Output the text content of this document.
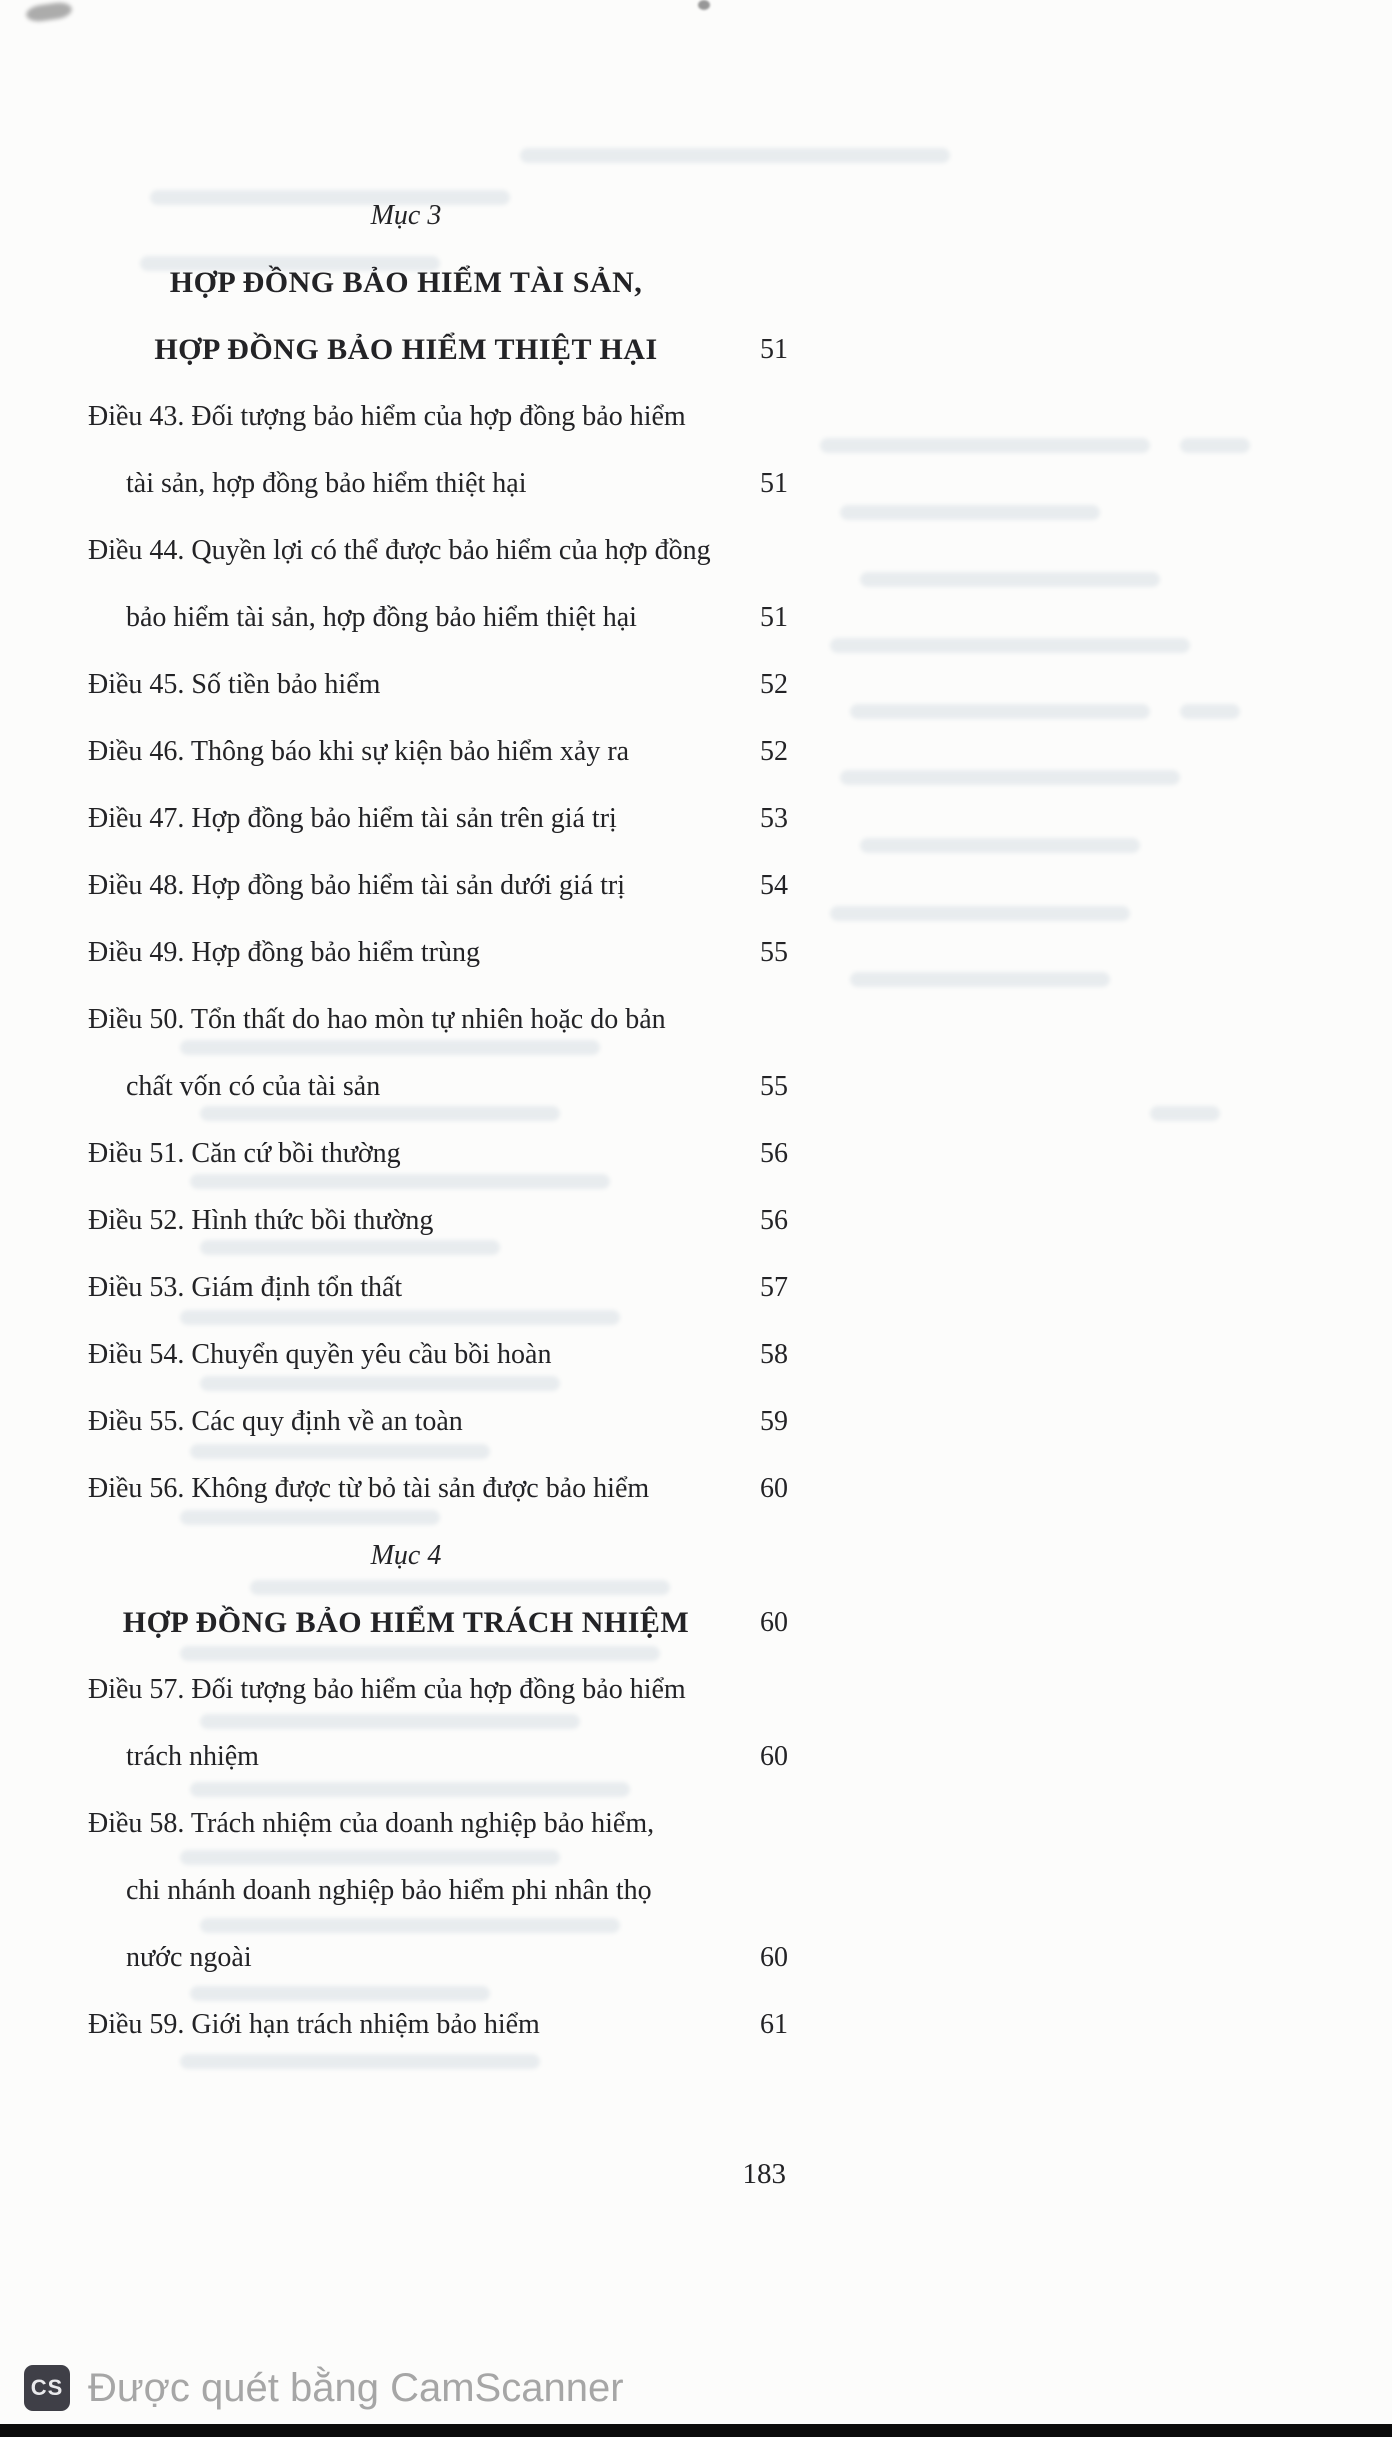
Mục 3
HỢP ĐỒNG BẢO HIỂM TÀI SẢN,
HỢP ĐỒNG BẢO HIỂM THIỆT HẠI	51
Điều 43. Đối tượng bảo hiểm của hợp đồng bảo hiểm
tài sản, hợp đồng bảo hiểm thiệt hại	51
Điều 44. Quyền lợi có thể được bảo hiểm của hợp đồng
bảo hiểm tài sản, hợp đồng bảo hiểm thiệt hại	51
Điều 45. Số tiền bảo hiểm	52
Điều 46. Thông báo khi sự kiện bảo hiểm xảy ra	52
Điều 47. Hợp đồng bảo hiểm tài sản trên giá trị	53
Điều 48. Hợp đồng bảo hiểm tài sản dưới giá trị	54
Điều 49. Hợp đồng bảo hiểm trùng	55
Điều 50. Tổn thất do hao mòn tự nhiên hoặc do bản
chất vốn có của tài sản	55
Điều 51. Căn cứ bồi thường	56
Điều 52. Hình thức bồi thường	56
Điều 53. Giám định tổn thất	57
Điều 54. Chuyển quyền yêu cầu bồi hoàn	58
Điều 55. Các quy định về an toàn	59
Điều 56. Không được từ bỏ tài sản được bảo hiểm	60
Mục 4
HỢP ĐỒNG BẢO HIỂM TRÁCH NHIỆM	60
Điều 57. Đối tượng bảo hiểm của hợp đồng bảo hiểm
trách nhiệm	60
Điều 58. Trách nhiệm của doanh nghiệp bảo hiểm,
chi nhánh doanh nghiệp bảo hiểm phi nhân thọ
nước ngoài	60
Điều 59. Giới hạn trách nhiệm bảo hiểm	61
183
CS Được quét bằng CamScanner
